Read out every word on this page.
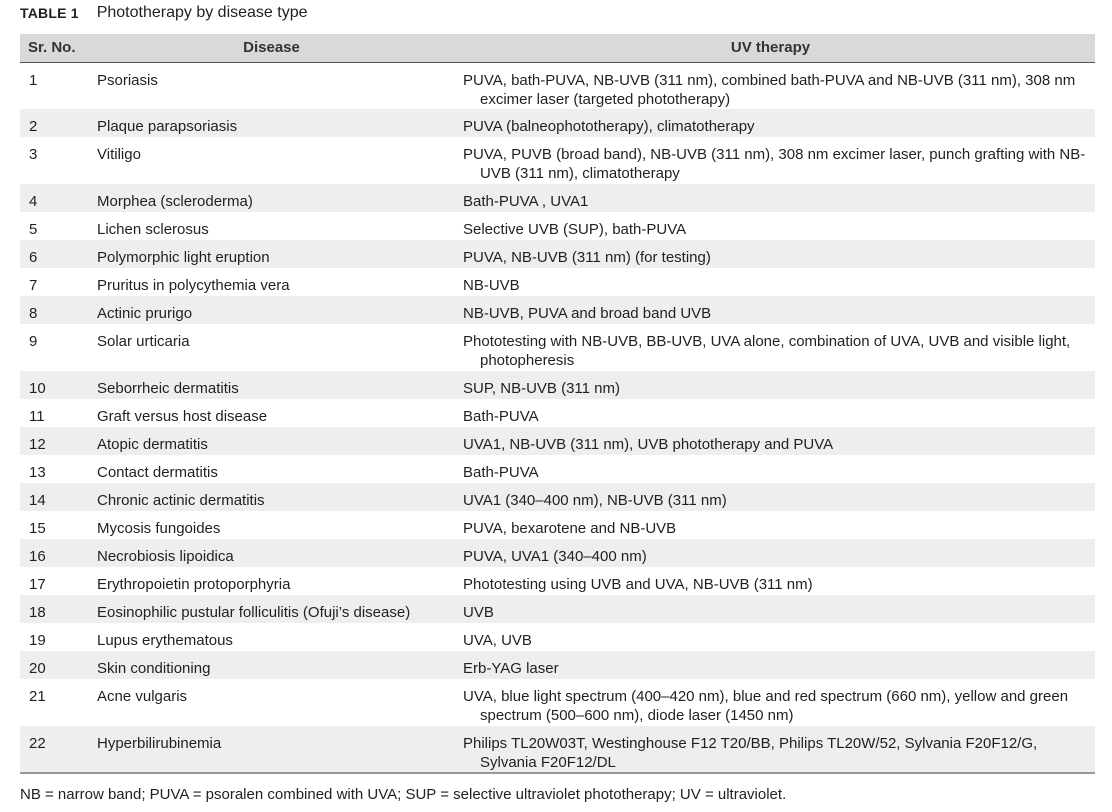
TABLE 1 Phototherapy by disease type
Sr. No.	Disease	UV therapy
1	Psoriasis	PUVA, bath-PUVA, NB-UVB (311 nm), combined bath-PUVA and NB-UVB (311 nm), 308 nm excimer laser (targeted phototherapy)

2	Plaque parapsoriasis	PUVA (balneophototherapy), climatotherapy

3	Vitiligo	PUVA, PUVB (broad band), NB-UVB (311 nm), 308 nm excimer laser, punch grafting with NB-UVB (311 nm), climatotherapy

4	Morphea (scleroderma)	Bath-PUVA , UVA1

5	Lichen sclerosus	Selective UVB (SUP), bath-PUVA

6	Polymorphic light eruption	PUVA, NB-UVB (311 nm) (for testing)

7	Pruritus in polycythemia vera	NB-UVB

8	Actinic prurigo	NB-UVB, PUVA and broad band UVB

9	Solar urticaria	Phototesting with NB-UVB, BB-UVB, UVA alone, combination of UVA, UVB and visible light, photopheresis

10	Seborrheic dermatitis	SUP, NB-UVB (311 nm)

11	Graft versus host disease	Bath-PUVA

12	Atopic dermatitis	UVA1, NB-UVB (311 nm), UVB phototherapy and PUVA

13	Contact dermatitis	Bath-PUVA

14	Chronic actinic dermatitis	UVA1 (340–400 nm), NB-UVB (311 nm)

15	Mycosis fungoides	PUVA, bexarotene and NB-UVB

16	Necrobiosis lipoidica	PUVA, UVA1 (340–400 nm)

17	Erythropoietin protoporphyria	Phototesting using UVB and UVA, NB-UVB (311 nm)

18	Eosinophilic pustular folliculitis (Ofuji’s disease)	UVB

19	Lupus erythematous	UVA, UVB

20	Skin conditioning	Erb-YAG laser

21	Acne vulgaris	UVA, blue light spectrum (400–420 nm), blue and red spectrum (660 nm), yellow and green spectrum (500–600 nm), diode laser (1450 nm)

22	Hyperbilirubinemia	Philips TL20W03T, Westinghouse F12 T20/BB, Philips TL20W/52, Sylvania F20F12/G, Sylvania F20F12/DL
NB = narrow band; PUVA = psoralen combined with UVA; SUP = selective ultraviolet phototherapy; UV = ultraviolet.
